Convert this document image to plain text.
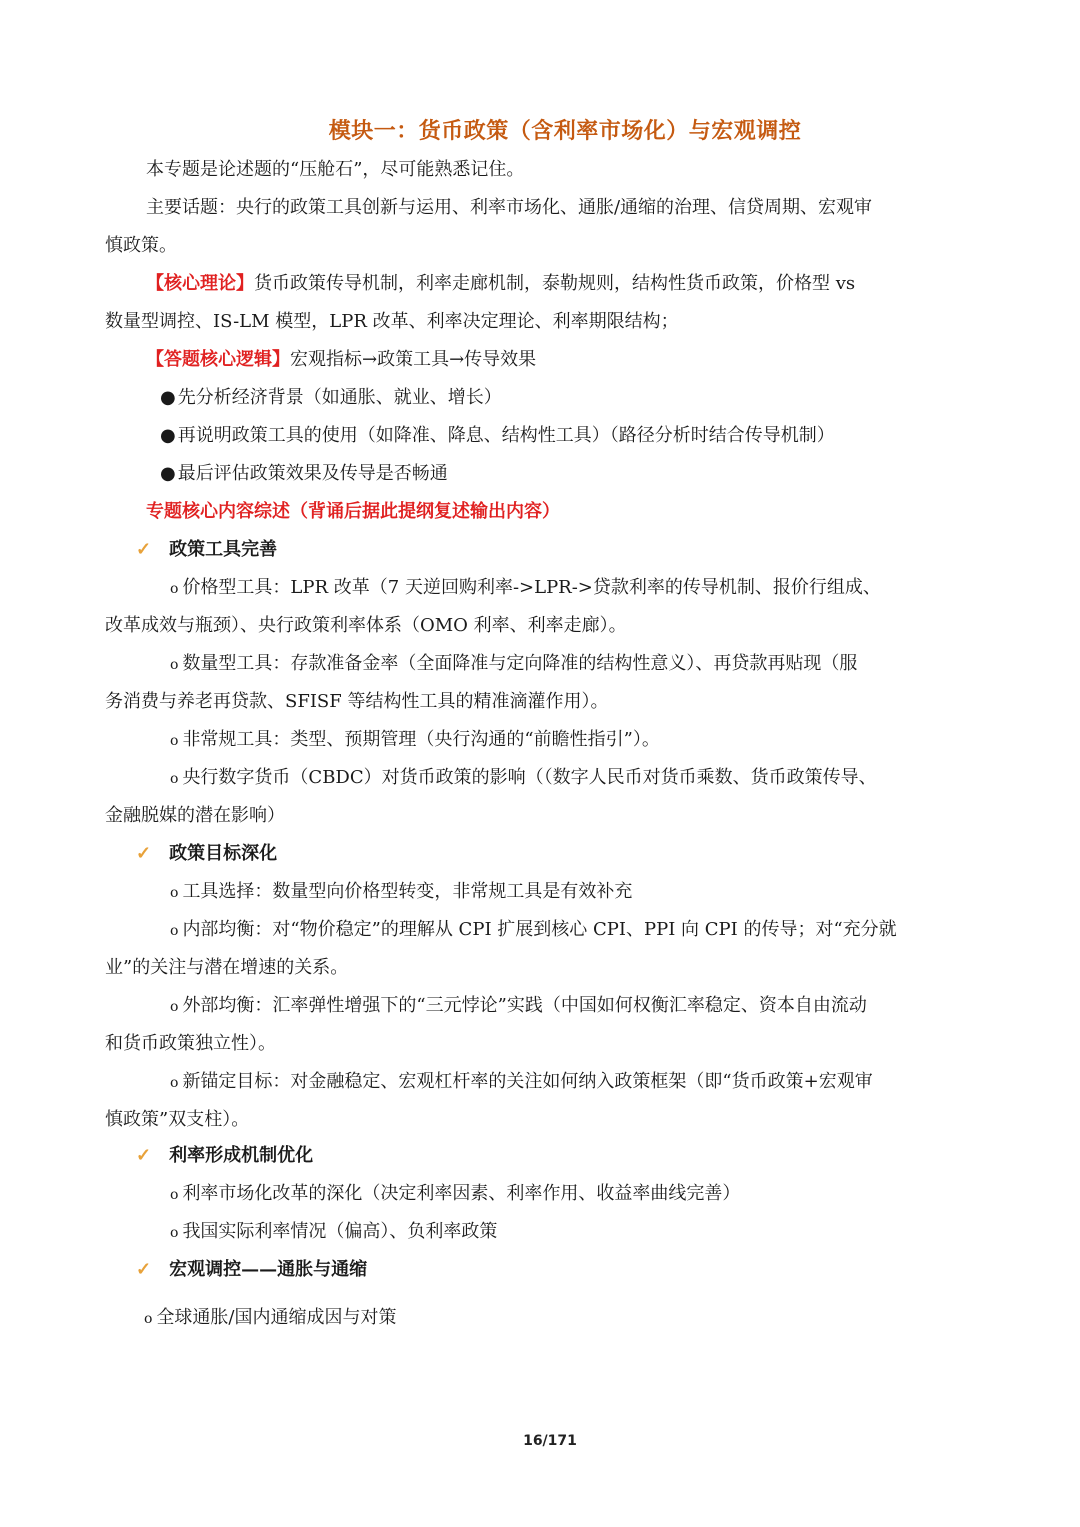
模块一：货币政策（含利率市场化）与宏观调控
本专题是论述题的“压舱石”，尽可能熟悉记住。
主要话题：央行的政策工具创新与运用、利率市场化、通胀/通缩的治理、信贷周期、宏观审
慎政策。
【核心理论】货币政策传导机制，利率走廊机制，泰勒规则，结构性货币政策，价格型 vs
数量型调控、IS-LM 模型，LPR 改革、利率决定理论、利率期限结构；
【答题核心逻辑】宏观指标→政策工具→传导效果
● 先分析经济背景（如通胀、就业、增长）
● 再说明政策工具的使用（如降准、降息、结构性工具）（路径分析时结合传导机制）
● 最后评估政策效果及传导是否畅通
专题核心内容综述（背诵后据此提纲复述输出内容）
✓ 政策工具完善
o 价格型工具：LPR 改革（7 天逆回购利率->LPR->贷款利率的传导机制、报价行组成、
改革成效与瓶颈）、央行政策利率体系（OMO 利率、利率走廊）。
o 数量型工具：存款准备金率（全面降准与定向降准的结构性意义）、再贷款再贴现（服
务消费与养老再贷款、SFISF 等结构性工具的精准滴灌作用）。
o 非常规工具：类型、预期管理（央行沟通的“前瞻性指引”）。
o 央行数字货币（CBDC）对货币政策的影响（（数字人民币对货币乘数、货币政策传导、
金融脱媒的潜在影响）
✓ 政策目标深化
o 工具选择：数量型向价格型转变，非常规工具是有效补充
o 内部均衡：对“物价稳定”的理解从 CPI 扩展到核心 CPI、PPI 向 CPI 的传导；对“充分就
业”的关注与潜在增速的关系。
o 外部均衡：汇率弹性增强下的“三元悖论”实践（中国如何权衡汇率稳定、资本自由流动
和货币政策独立性）。
o 新锚定目标：对金融稳定、宏观杠杆率的关注如何纳入政策框架（即“货币政策+宏观审
慎政策”双支柱）。
✓ 利率形成机制优化
o 利率市场化改革的深化（决定利率因素、利率作用、收益率曲线完善）
o 我国实际利率情况（偏高）、负利率政策
✓ 宏观调控——通胀与通缩
o 全球通胀/国内通缩成因与对策
16/171
